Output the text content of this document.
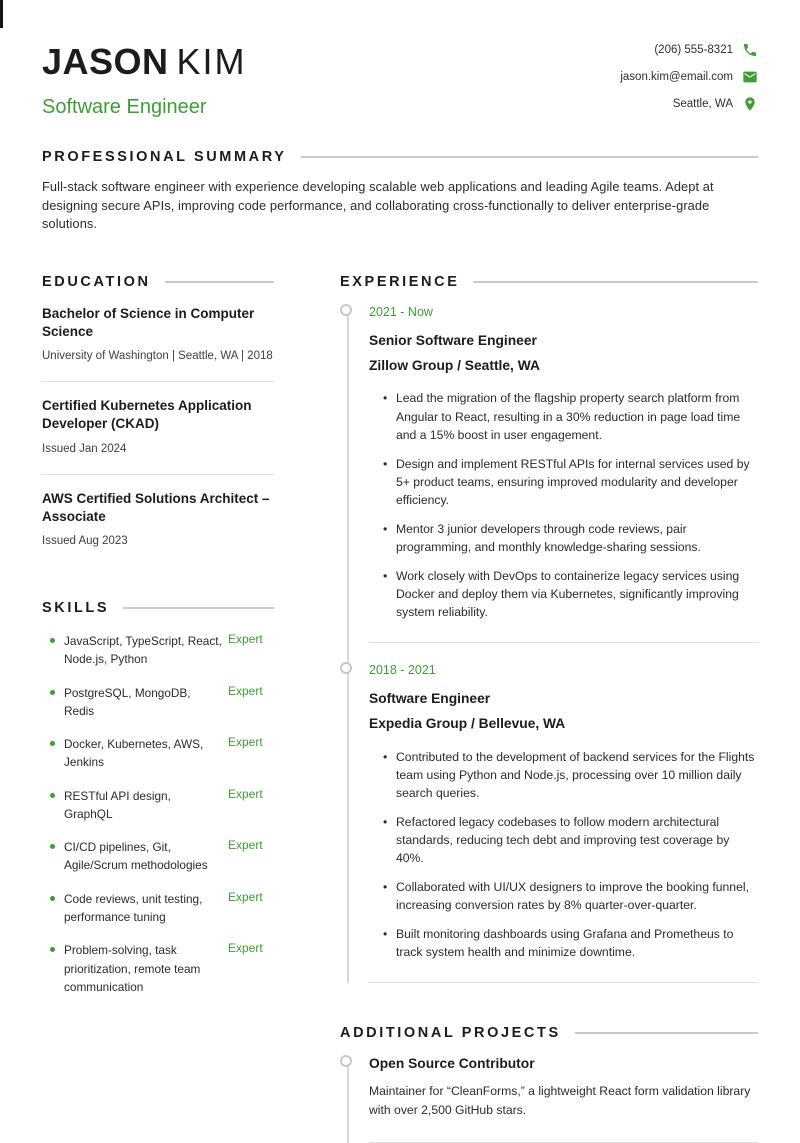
JASON KIM
Software Engineer
(206) 555-8321
jason.kim@email.com
Seattle, WA
PROFESSIONAL SUMMARY

Full-stack software engineer with experience developing scalable web applications and leading Agile teams. Adept at designing secure APIs, improving code performance, and collaborating cross-functionally to deliver enterprise-grade solutions.

EDUCATION
Bachelor of Science in Computer Science
University of Washington | Seattle, WA | 2018
Certified Kubernetes Application Developer (CKAD)
Issued Jan 2024
AWS Certified Solutions Architect – Associate
Issued Aug 2023
SKILLS
JavaScript, TypeScript, React, Node.js, Python
Expert
PostgreSQL, MongoDB, Redis
Expert
Docker, Kubernetes, AWS, Jenkins
Expert
RESTful API design, GraphQL
Expert
CI/CD pipelines, Git, Agile/Scrum methodologies
Expert
Code reviews, unit testing, performance tuning
Expert
Problem-solving, task prioritization, remote team communication
Expert
EXPERIENCE
2021 - Now
Senior Software Engineer
Zillow Group / Seattle, WA
• Lead the migration of the flagship property search platform from Angular to React, resulting in a 30% reduction in page load time and a 15% boost in user engagement.
• Design and implement RESTful APIs for internal services used by 5+ product teams, ensuring improved modularity and developer efficiency.
• Mentor 3 junior developers through code reviews, pair programming, and monthly knowledge-sharing sessions.
• Work closely with DevOps to containerize legacy services using Docker and deploy them via Kubernetes, significantly improving system reliability.
2018 - 2021
Software Engineer
Expedia Group / Bellevue, WA
• Contributed to the development of backend services for the Flights team using Python and Node.js, processing over 10 million daily search queries.
• Refactored legacy codebases to follow modern architectural standards, reducing tech debt and improving test coverage by 40%.
• Collaborated with UI/UX designers to improve the booking funnel, increasing conversion rates by 8% quarter-over-quarter.
• Built monitoring dashboards using Grafana and Prometheus to track system health and minimize downtime.
ADDITIONAL PROJECTS
Open Source Contributor
Maintainer for “CleanForms,” a lightweight React form validation library with over 2,500 GitHub stars.
